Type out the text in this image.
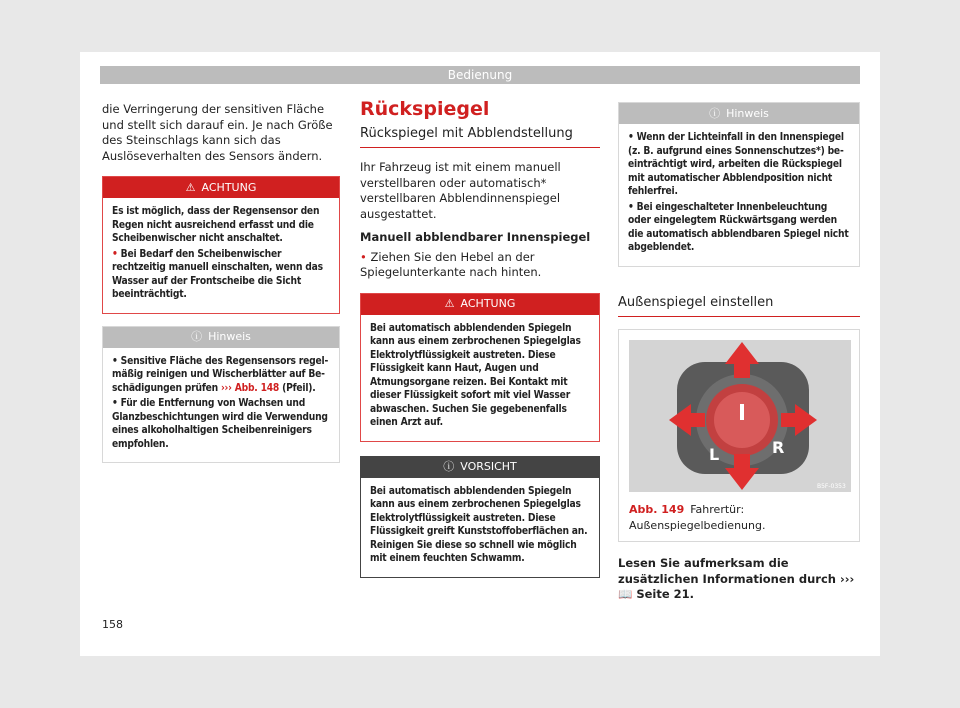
Bedienung

die Verringerung der sensitiven Fläche und stellt sich darauf ein. Je nach Größe des Steinschlags kann sich das Auslöseverhalten des Sensors ändern.

⚠ ACHTUNG
Es ist möglich, dass der Regensensor den Regen nicht ausreichend erfasst und die Scheibenwischer nicht anschaltet.
• Bei Bedarf den Scheibenwischer rechtzeitig manuell einschalten, wenn das Wasser auf der Frontscheibe die Sicht beeinträchtigt.
ⓘ Hinweis
• Sensitive Fläche des Regensensors regelmäßig reinigen und Wischerblätter auf Beschädigungen prüfen ››› Abb. 148 (Pfeil).
• Für die Entfernung von Wachsen und Glanzbeschichtungen wird die Verwendung eines alkoholhaltigen Scheibenreinigers empfohlen.
Rückspiegel
Rückspiegel mit Abblendstellung

Ihr Fahrzeug ist mit einem manuell verstellbaren oder automatisch* verstellbaren Abblendinnenspiegel ausgestattet.

Manuell abblendbarer Innenspiegel

• Ziehen Sie den Hebel an der Spiegelunterkante nach hinten.

⚠ ACHTUNG
Bei automatisch abblendenden Spiegeln kann aus einem zerbrochenen Spiegelglas Elektrolytflüssigkeit austreten. Diese Flüssigkeit kann Haut, Augen und Atmungsorgane reizen. Bei Kontakt mit dieser Flüssigkeit sofort mit viel Wasser abwaschen. Suchen Sie gegebenenfalls einen Arzt auf.
ⓘ VORSICHT
Bei automatisch abblendenden Spiegeln kann aus einem zerbrochenen Spiegelglas Elektrolytflüssigkeit austreten. Diese Flüssigkeit greift Kunststoffoberflächen an. Reinigen Sie diese so schnell wie möglich mit einem feuchten Schwamm.
ⓘ Hinweis
• Wenn der Lichteinfall in den Innenspiegel (z. B. aufgrund eines Sonnenschutzes*) beeinträchtigt wird, arbeiten die Rückspiegel mit automatischer Abblendposition nicht fehlerfrei.
• Bei eingeschalteter Innenbeleuchtung oder eingelegtem Rückwärtsgang werden die automatisch abblendbaren Spiegel nicht abgeblendet.
Außenspiegel einstellen
L	R
B5F-0353
Abb. 149 Fahrertür: Außenspiegelbedienung.

Lesen Sie aufmerksam die zusätzlichen Informationen durch ››› 📖 Seite 21.

158
